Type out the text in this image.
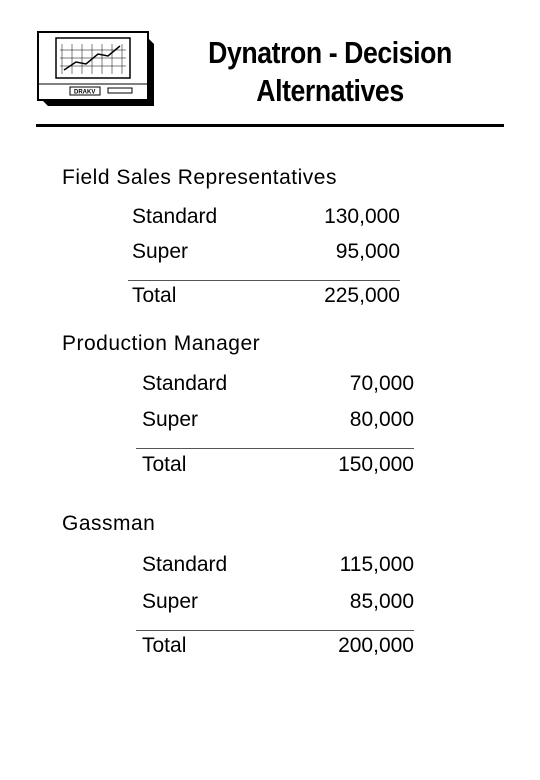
DRAKV
Dynatron - Decision
Alternatives
Field Sales Representatives
Standard	130,000
Super	95,000
Total	225,000
Production Manager
Standard	70,000
Super	80,000
Total	150,000
Gassman
Standard	115,000
Super	85,000
Total	200,000
